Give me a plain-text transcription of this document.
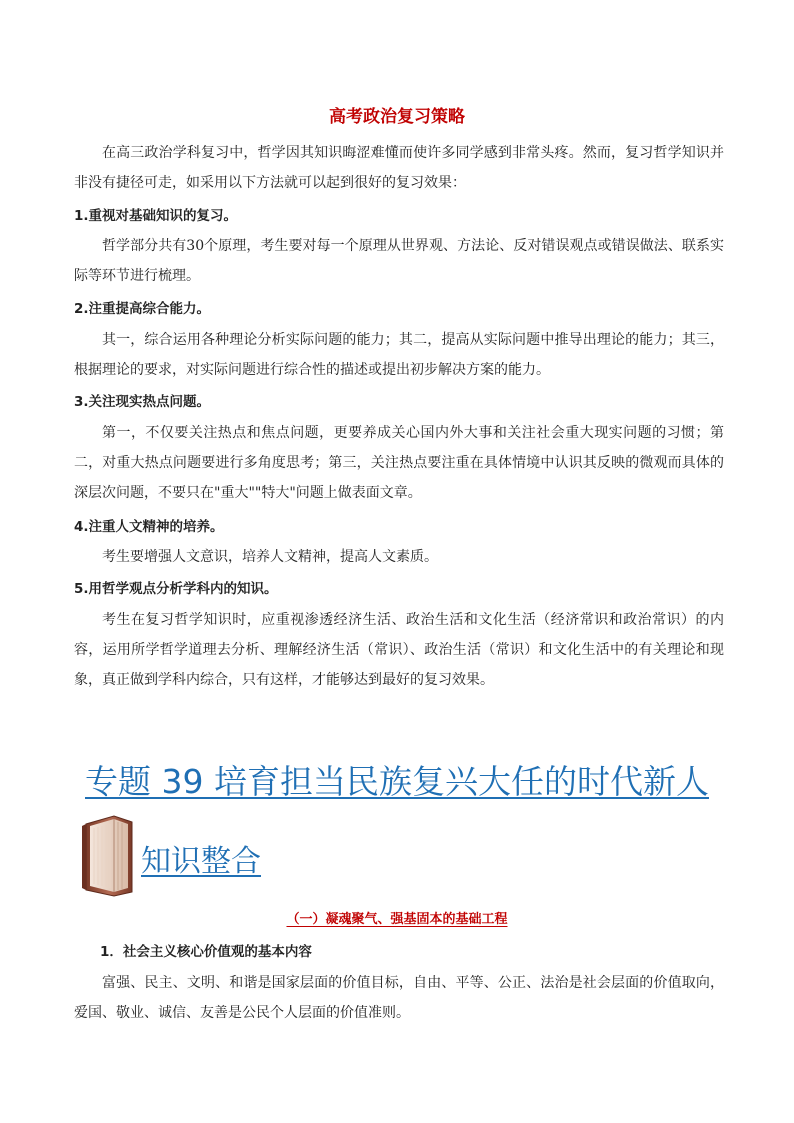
高考政治复习策略

在高三政治学科复习中，哲学因其知识晦涩难懂而使许多同学感到非常头疼。然而，复习哲学知识并非没有捷径可走，如采用以下方法就可以起到很好的复习效果：

1.重视对基础知识的复习。

哲学部分共有30个原理，考生要对每一个原理从世界观、方法论、反对错误观点或错误做法、联系实际等环节进行梳理。

2.注重提高综合能力。

其一，综合运用各种理论分析实际问题的能力；其二，提高从实际问题中推导出理论的能力；其三，根据理论的要求，对实际问题进行综合性的描述或提出初步解决方案的能力。

3.关注现实热点问题。

第一，不仅要关注热点和焦点问题，更要养成关心国内外大事和关注社会重大现实问题的习惯；第二，对重大热点问题要进行多角度思考；第三，关注热点要注重在具体情境中认识其反映的微观而具体的深层次问题，不要只在"重大""特大"问题上做表面文章。

4.注重人文精神的培养。

考生要增强人文意识，培养人文精神，提高人文素质。

5.用哲学观点分析学科内的知识。

考生在复习哲学知识时，应重视渗透经济生活、政治生活和文化生活（经济常识和政治常识）的内容，运用所学哲学道理去分析、理解经济生活（常识）、政治生活（常识）和文化生活中的有关理论和现象，真正做到学科内综合，只有这样，才能够达到最好的复习效果。

专题 39 培育担当民族复兴大任的时代新人
知识整合
（一）凝魂聚气、强基固本的基础工程

1．社会主义核心价值观的基本内容

富强、民主、文明、和谐是国家层面的价值目标，自由、平等、公正、法治是社会层面的价值取向，爱国、敬业、诚信、友善是公民个人层面的价值准则。
